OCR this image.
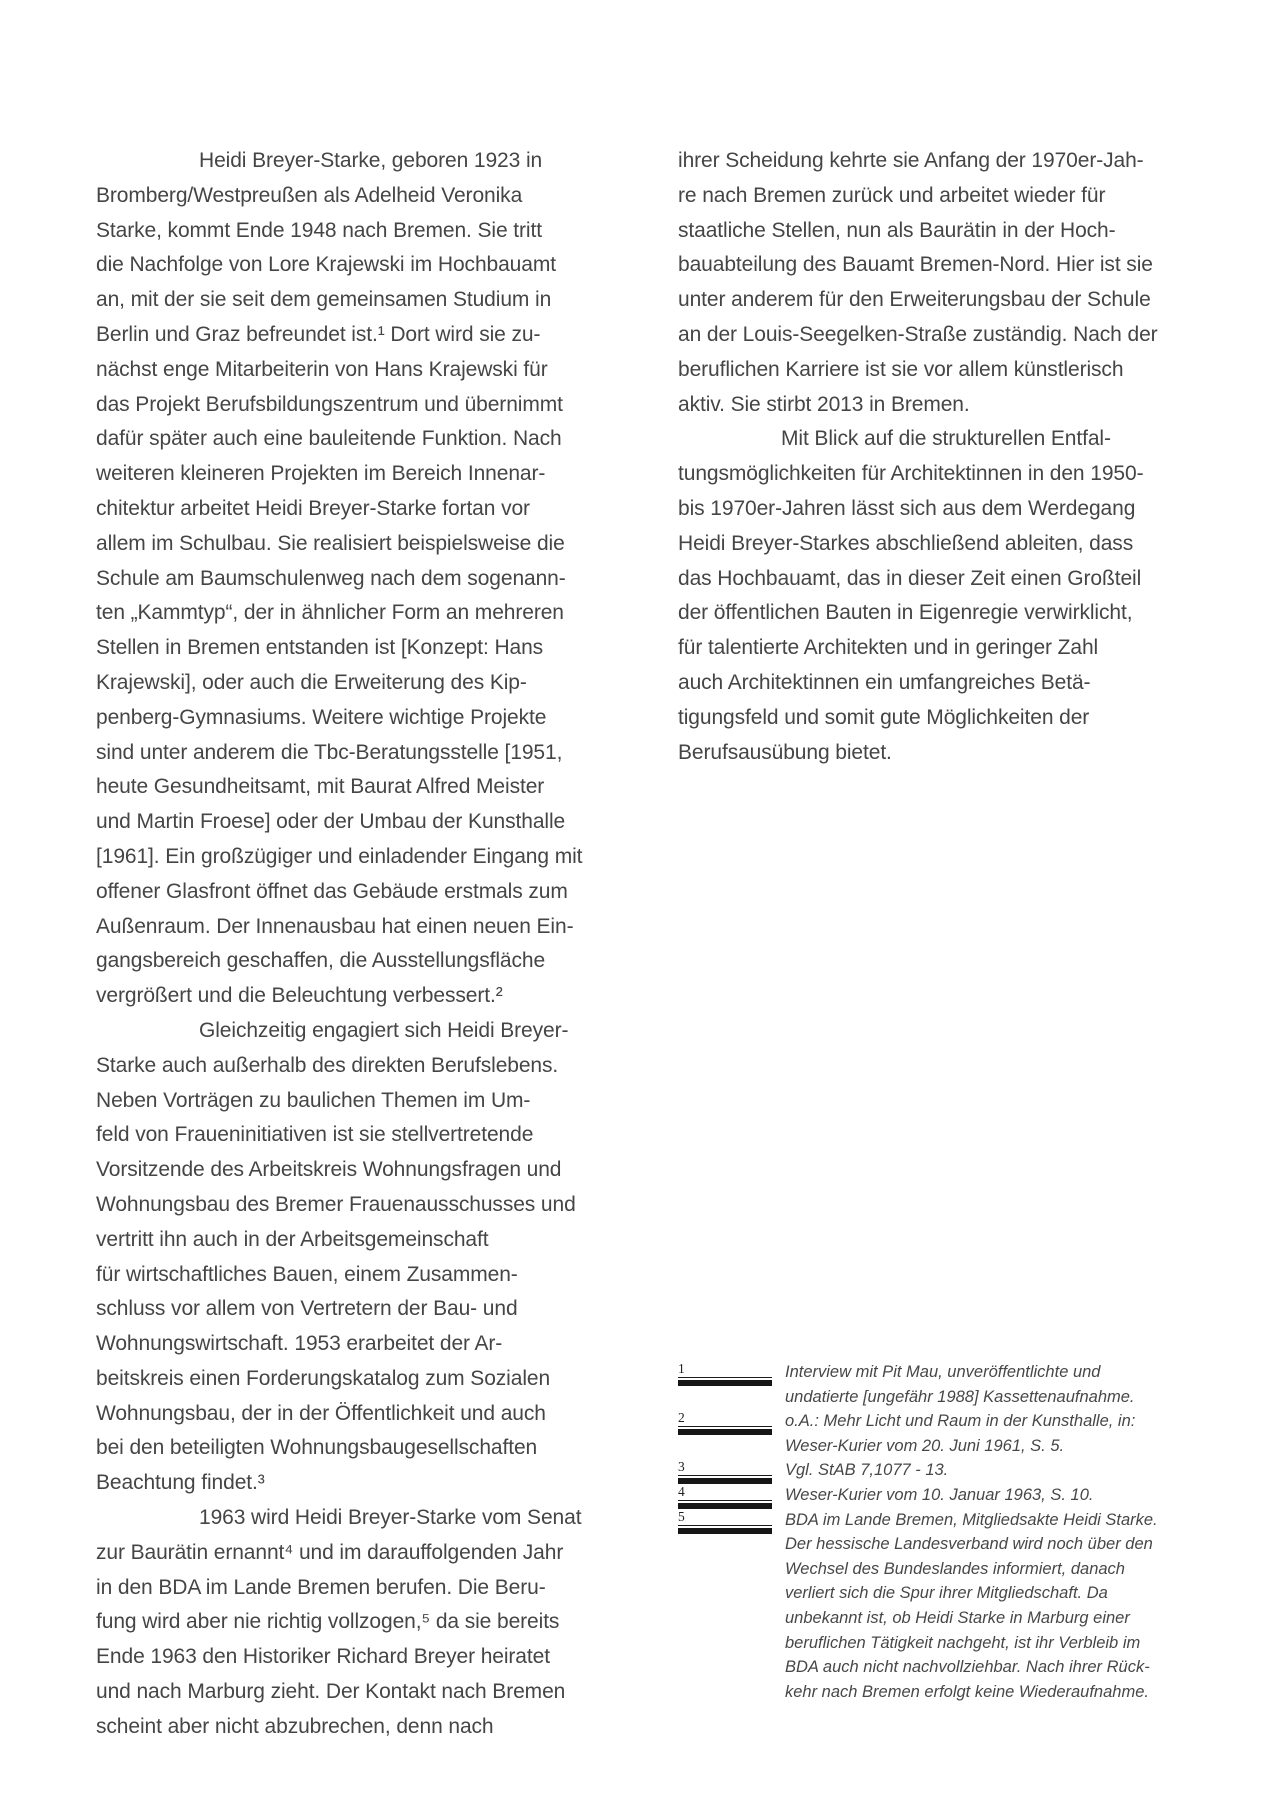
Heidi Breyer-Starke, geboren 1923 in
Bromberg/Westpreußen als Adelheid Veronika
Starke, kommt Ende 1948 nach Bremen. Sie tritt
die Nachfolge von Lore Krajewski im Hochbauamt
an, mit der sie seit dem gemeinsamen Studium in
Berlin und Graz befreundet ist.¹ Dort wird sie zu-
nächst enge Mitarbeiterin von Hans Krajewski für
das Projekt Berufsbildungszentrum und übernimmt
dafür später auch eine bauleitende Funktion. Nach
weiteren kleineren Projekten im Bereich Innenar-
chitektur arbeitet Heidi Breyer-Starke fortan vor
allem im Schulbau. Sie realisiert beispielsweise die
Schule am Baumschulenweg nach dem sogenann-
ten „Kammtyp“, der in ähnlicher Form an mehreren
Stellen in Bremen entstanden ist [Konzept: Hans
Krajewski], oder auch die Erweiterung des Kip-
penberg-Gymnasiums. Weitere wichtige Projekte
sind unter anderem die Tbc-Beratungsstelle [1951,
heute Gesundheitsamt, mit Baurat Alfred Meister
und Martin Froese] oder der Umbau der Kunsthalle
[1961]. Ein großzügiger und einladender Eingang mit
offener Glasfront öffnet das Gebäude erstmals zum
Außenraum. Der Innenausbau hat einen neuen Ein-
gangsbereich geschaffen, die Ausstellungsfläche
vergrößert und die Beleuchtung verbessert.²
Gleichzeitig engagiert sich Heidi Breyer-
Starke auch außerhalb des direkten Berufslebens.
Neben Vorträgen zu baulichen Themen im Um-
feld von Fraueninitiativen ist sie stellvertretende
Vorsitzende des Arbeitskreis Wohnungsfragen und
Wohnungsbau des Bremer Frauenausschusses und
vertritt ihn auch in der Arbeitsgemeinschaft
für wirtschaftliches Bauen, einem Zusammen-
schluss vor allem von Vertretern der Bau- und
Wohnungswirtschaft. 1953 erarbeitet der Ar-
beitskreis einen Forderungskatalog zum Sozialen
Wohnungsbau, der in der Öffentlichkeit und auch
bei den beteiligten Wohnungsbaugesellschaften
Beachtung findet.³
1963 wird Heidi Breyer-Starke vom Senat
zur Baurätin ernannt⁴ und im darauffolgenden Jahr
in den BDA im Lande Bremen berufen. Die Beru-
fung wird aber nie richtig vollzogen,⁵ da sie bereits
Ende 1963 den Historiker Richard Breyer heiratet
und nach Marburg zieht. Der Kontakt nach Bremen
scheint aber nicht abzubrechen, denn nach
ihrer Scheidung kehrte sie Anfang der 1970er-Jah-
re nach Bremen zurück und arbeitet wieder für
staatliche Stellen, nun als Baurätin in der Hoch-
bauabteilung des Bauamt Bremen-Nord. Hier ist sie
unter anderem für den Erweiterungsbau der Schule
an der Louis-Seegelken-Straße zuständig. Nach der
beruflichen Karriere ist sie vor allem künstlerisch
aktiv. Sie stirbt 2013 in Bremen.
Mit Blick auf die strukturellen Entfal-
tungsmöglichkeiten für Architektinnen in den 1950-
bis 1970er-Jahren lässt sich aus dem Werdegang
Heidi Breyer-Starkes abschließend ableiten, dass
das Hochbauamt, das in dieser Zeit einen Großteil
der öffentlichen Bauten in Eigenregie verwirklicht,
für talentierte Architekten und in geringer Zahl
auch Architektinnen ein umfangreiches Betä-
tigungsfeld und somit gute Möglichkeiten der
Berufsausübung bietet.
1	Interview mit Pit Mau, unveröffentlichte und
undatierte [ungefähr 1988] Kassettenaufnahme.
2	o.A.: Mehr Licht und Raum in der Kunsthalle, in:
Weser-Kurier vom 20. Juni 1961, S. 5.
3	Vgl. StAB 7,1077 - 13.
4	Weser-Kurier vom 10. Januar 1963, S. 10.
5	BDA im Lande Bremen, Mitgliedsakte Heidi Starke.
Der hessische Landesverband wird noch über den
Wechsel des Bundeslandes informiert, danach
verliert sich die Spur ihrer Mitgliedschaft. Da
unbekannt ist, ob Heidi Starke in Marburg einer
beruflichen Tätigkeit nachgeht, ist ihr Verbleib im
BDA auch nicht nachvollziehbar. Nach ihrer Rück-
kehr nach Bremen erfolgt keine Wiederaufnahme.
